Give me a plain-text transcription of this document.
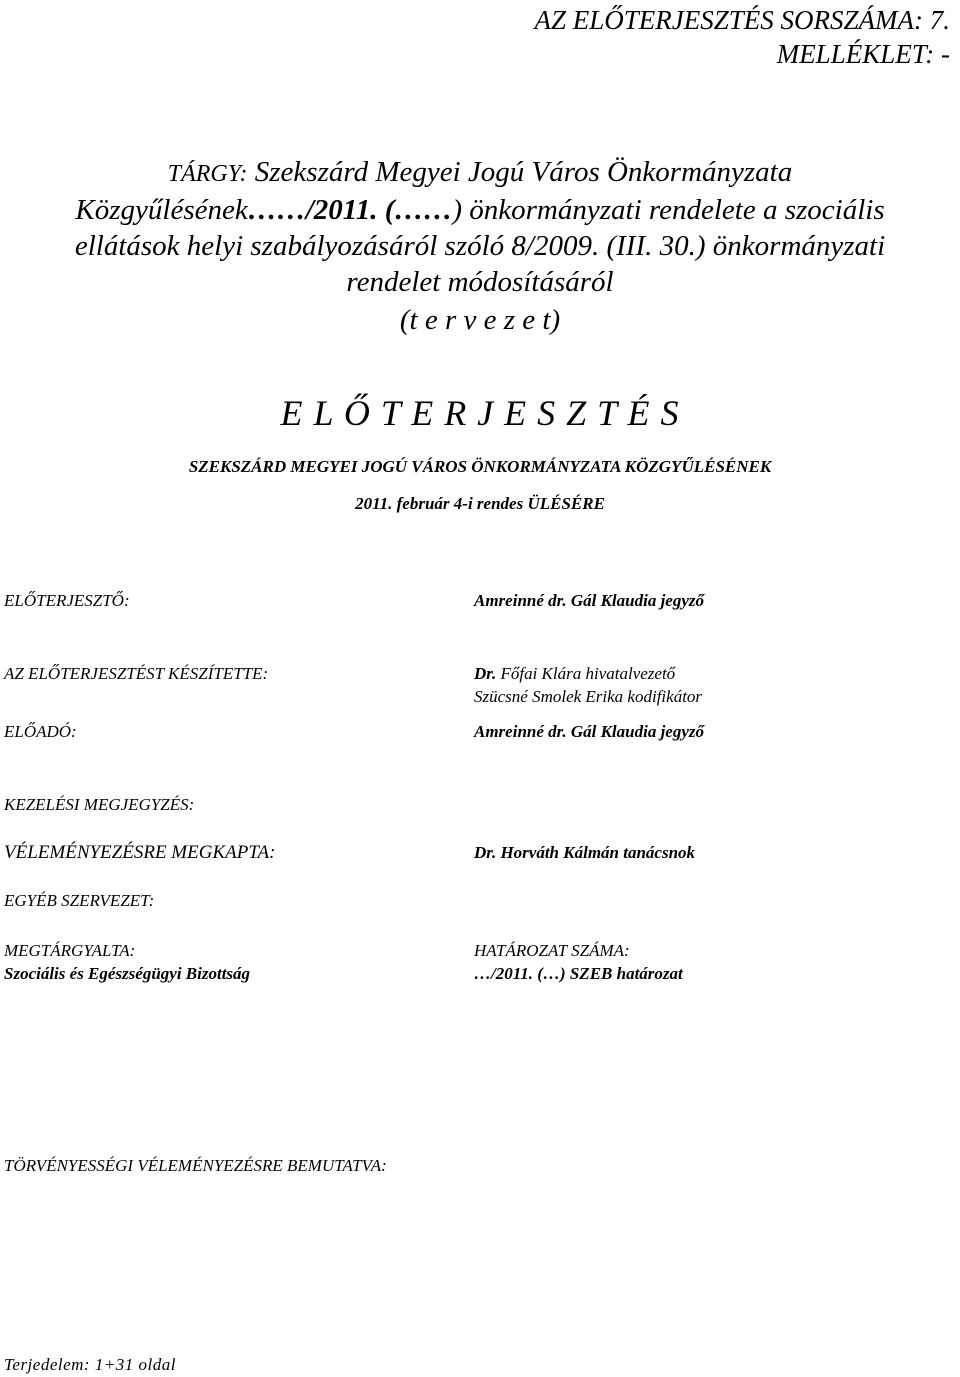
AZ ELŐTERJESZTÉS SORSZÁMA: 7.
MELLÉKLET: -
TÁRGY: Szekszárd Megyei Jogú Város Önkormányzata
Közgyűlésének……/2011. (……) önkormányzati rendelete a szociális
ellátások helyi szabályozásáról szóló 8/2009. (III. 30.) önkormányzati
rendelet módosításáról
(t e r v e z e t)
E L Ő T E R J E S Z T É S
SZEKSZÁRD MEGYEI JOGÚ VÁROS ÖNKORMÁNYZATA KÖZGYŰLÉSÉNEK
2011. február 4-i rendes ÜLÉSÉRE
ELŐTERJESZTŐ:	Amreinné dr. Gál Klaudia jegyző
AZ ELŐTERJESZTÉST KÉSZÍTETTE:	Dr. Főfai Klára hivatalvezető
Szücsné Smolek Erika kodifikátor
ELŐADÓ:	Amreinné dr. Gál Klaudia jegyző
KEZELÉSI MEGJEGYZÉS:
VÉLEMÉNYEZÉSRE MEGKAPTA:	Dr. Horváth Kálmán tanácsnok
EGYÉB SZERVEZET:
MEGTÁRGYALTA:
Szociális és Egészségügyi Bizottság
HATÁROZAT SZÁMA:
…/2011. (…) SZEB határozat
TÖRVÉNYESSÉGI VÉLEMÉNYEZÉSRE BEMUTATVA:
Terjedelem: 1+31 oldal
